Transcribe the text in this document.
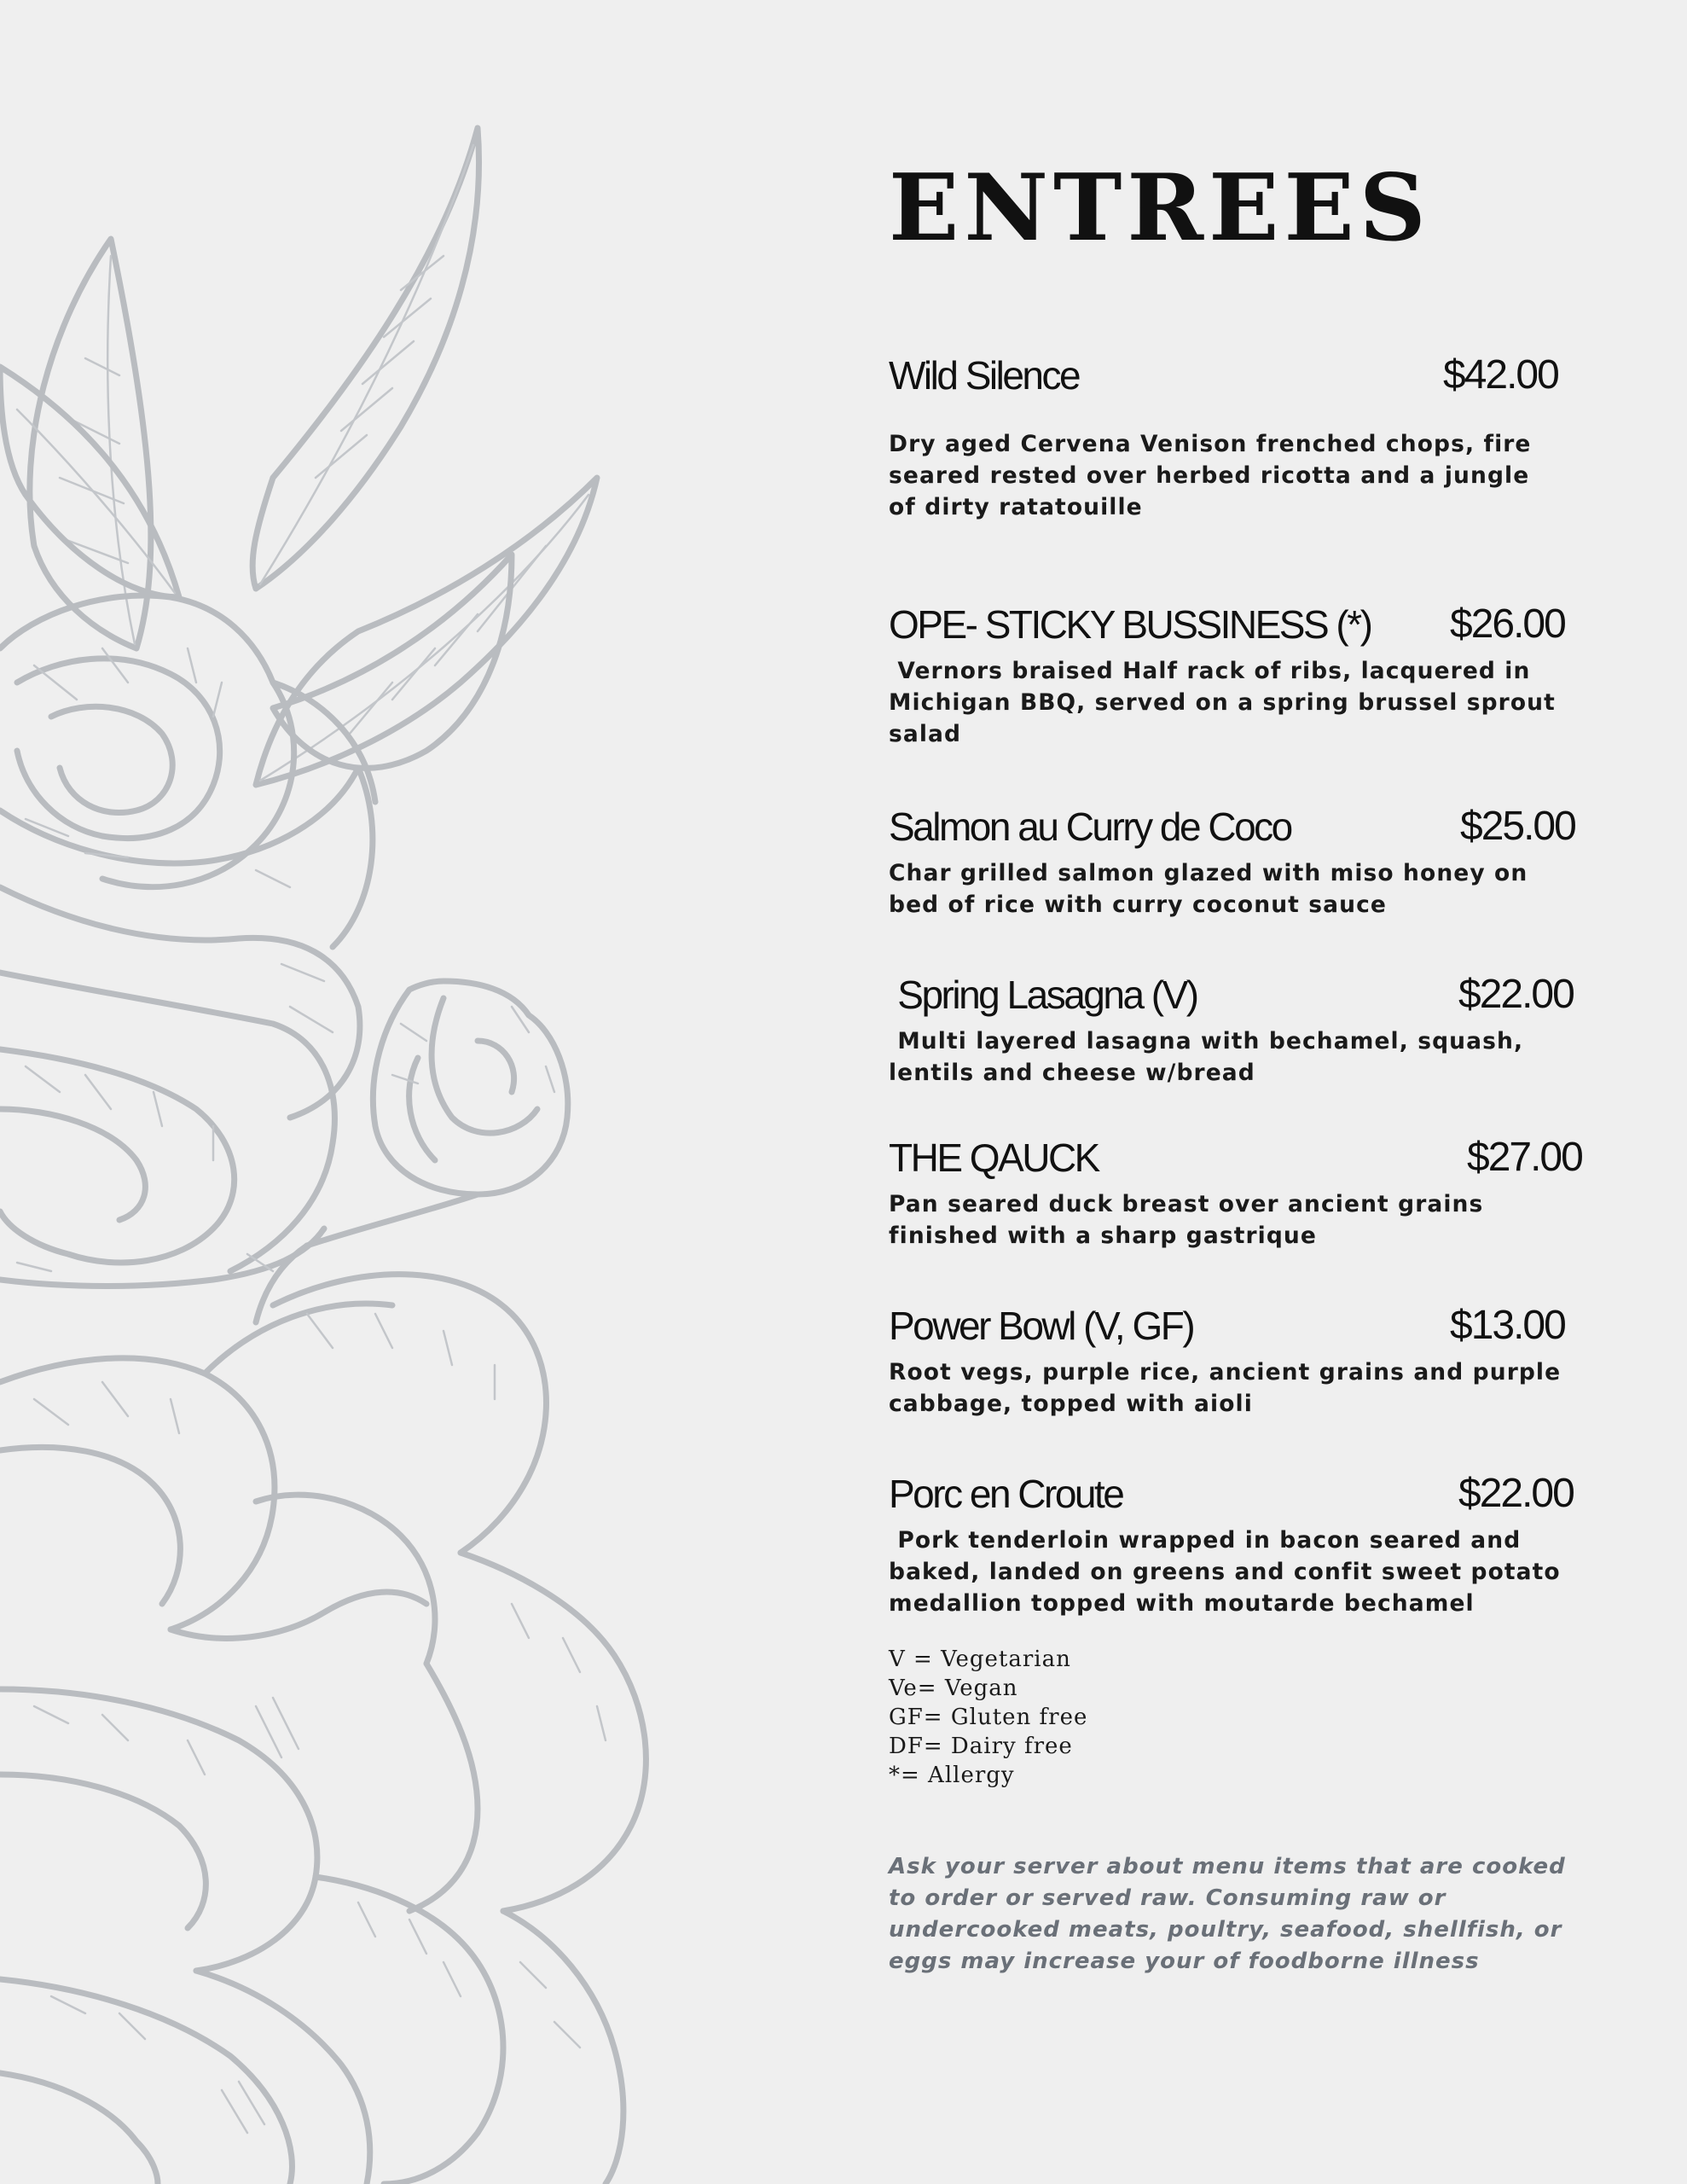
ENTREES
Wild Silence	$42.00

Dry aged Cervena Venison frenched chops, fire seared rested over herbed ricotta and a jungle of dirty ratatouille

OPE- STICKY BUSSINESS (*) $26.00

Vernors braised Half rack of ribs, lacquered in Michigan BBQ, served on a spring brussel sprout salad

Salmon au Curry de Coco	$25.00

Char grilled salmon glazed with miso honey on bed of rice with curry coconut sauce

Spring Lasagna (V)	$22.00

Multi layered lasagna with bechamel, squash, lentils and cheese w/bread

THE QAUCK	$27.00

Pan seared duck breast over ancient grains finished with a sharp gastrique

Power Bowl (V, GF)	$13.00

Root vegs, purple rice, ancient grains and purple cabbage, topped with aioli

Porc en Croute	$22.00

Pork tenderloin wrapped in bacon seared and baked, landed on greens and confit sweet potato medallion topped with moutarde bechamel

V = Vegetarian
Ve= Vegan
GF= Gluten free
DF= Dairy free
*= Allergy

Ask your server about menu items that are cooked to order or served raw. Consuming raw or undercooked meats, poultry, seafood, shellfish, or eggs may increase your of foodborne illness
